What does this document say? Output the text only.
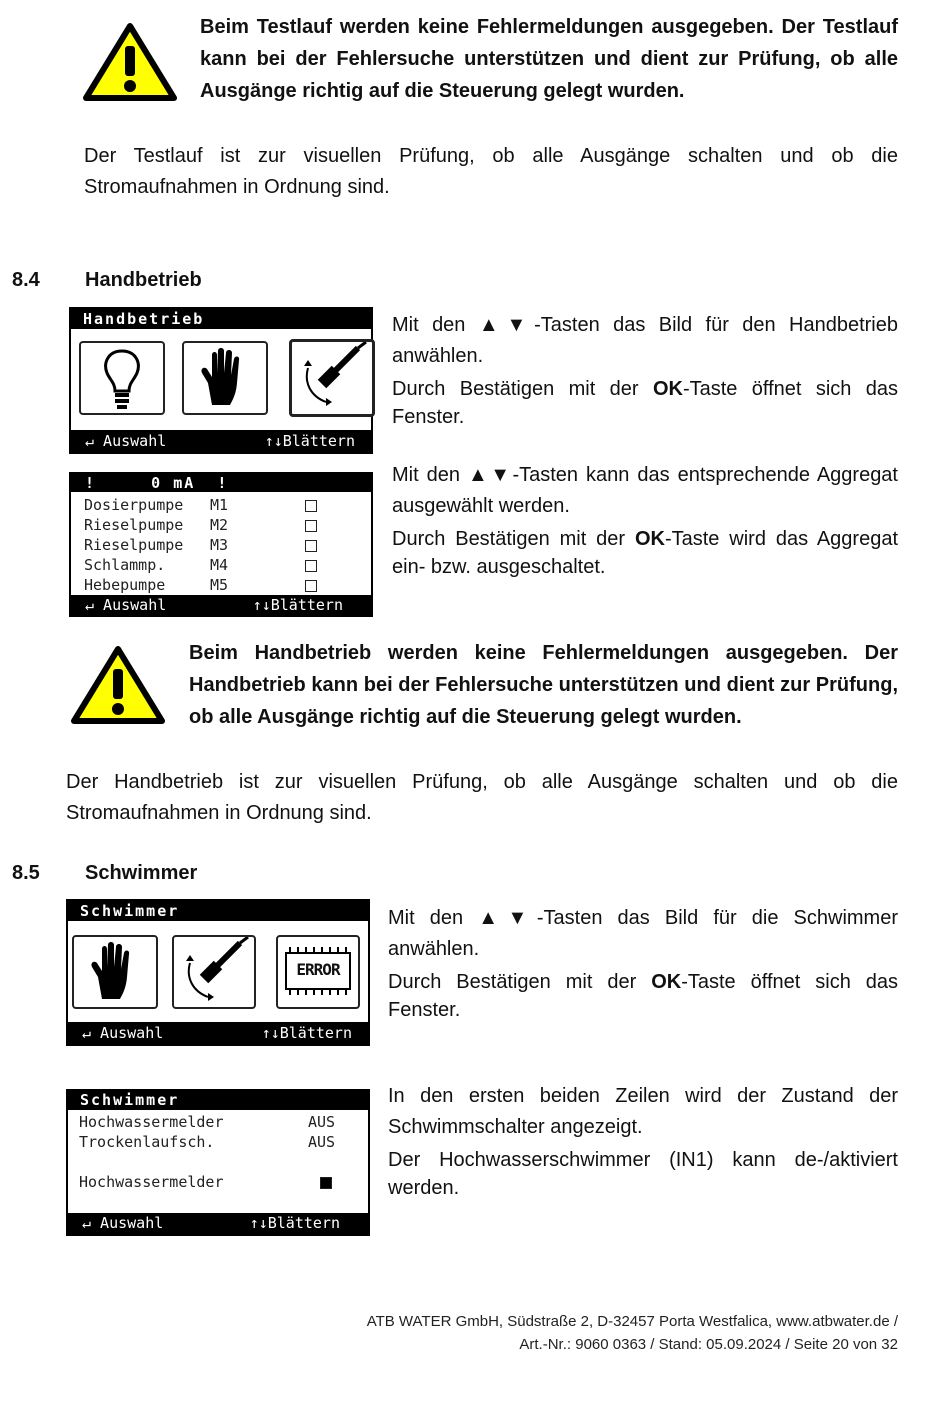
Beim Testlauf werden keine Fehlermeldungen ausgegeben. Der Testlauf kann bei der Fehlersuche unterstützen und dient zur Prüfung, ob alle Ausgänge richtig auf die Steuerung gelegt wurden.
Der Testlauf ist zur visuellen Prüfung, ob alle Ausgänge schalten und ob die Stromaufnahmen in Ordnung sind.
8.4 Handbetrieb
Handbetrieb
↵ Auswahl	↑↓Blättern
Mit den ▲▼-Tasten das Bild für den Handbetrieb anwählen.
Durch Bestätigen mit der OK-Taste öffnet sich das Fenster.
!     0 mA  !
Dosierpumpe M1
Rieselpumpe M2
Rieselpumpe M3
Schlammp.	M4
Hebepumpe	M5
↵ Auswahl	↑↓Blättern
Mit den ▲▼-Tasten kann das entsprechende Aggregat ausgewählt werden.
Durch Bestätigen mit der OK-Taste wird das Aggregat ein- bzw. ausgeschaltet.
Beim Handbetrieb werden keine Fehlermeldungen ausgegeben. Der Handbetrieb kann bei der Fehlersuche unterstützen und dient zur Prüfung, ob alle Ausgänge richtig auf die Steuerung gelegt wurden.
Der Handbetrieb ist zur visuellen Prüfung, ob alle Ausgänge schalten und ob die Stromaufnahmen in Ordnung sind.
8.5 Schwimmer
Schwimmer
ERROR
↵ Auswahl	↑↓Blättern
Mit den ▲▼-Tasten das Bild für die Schwimmer anwählen.
Durch Bestätigen mit der OK-Taste öffnet sich das Fenster.
Schwimmer
Hochwassermelder	AUS
Trockenlaufsch.	AUS
Hochwassermelder
↵ Auswahl	↑↓Blättern
In den ersten beiden Zeilen wird der Zustand der Schwimmschalter angezeigt.
Der Hochwasserschwimmer (IN1) kann de-/aktiviert werden.
ATB WATER GmbH, Südstraße 2, D-32457 Porta Westfalica, www.atbwater.de /
Art.-Nr.: 9060 0363 / Stand: 05.09.2024 / Seite 20 von 32
